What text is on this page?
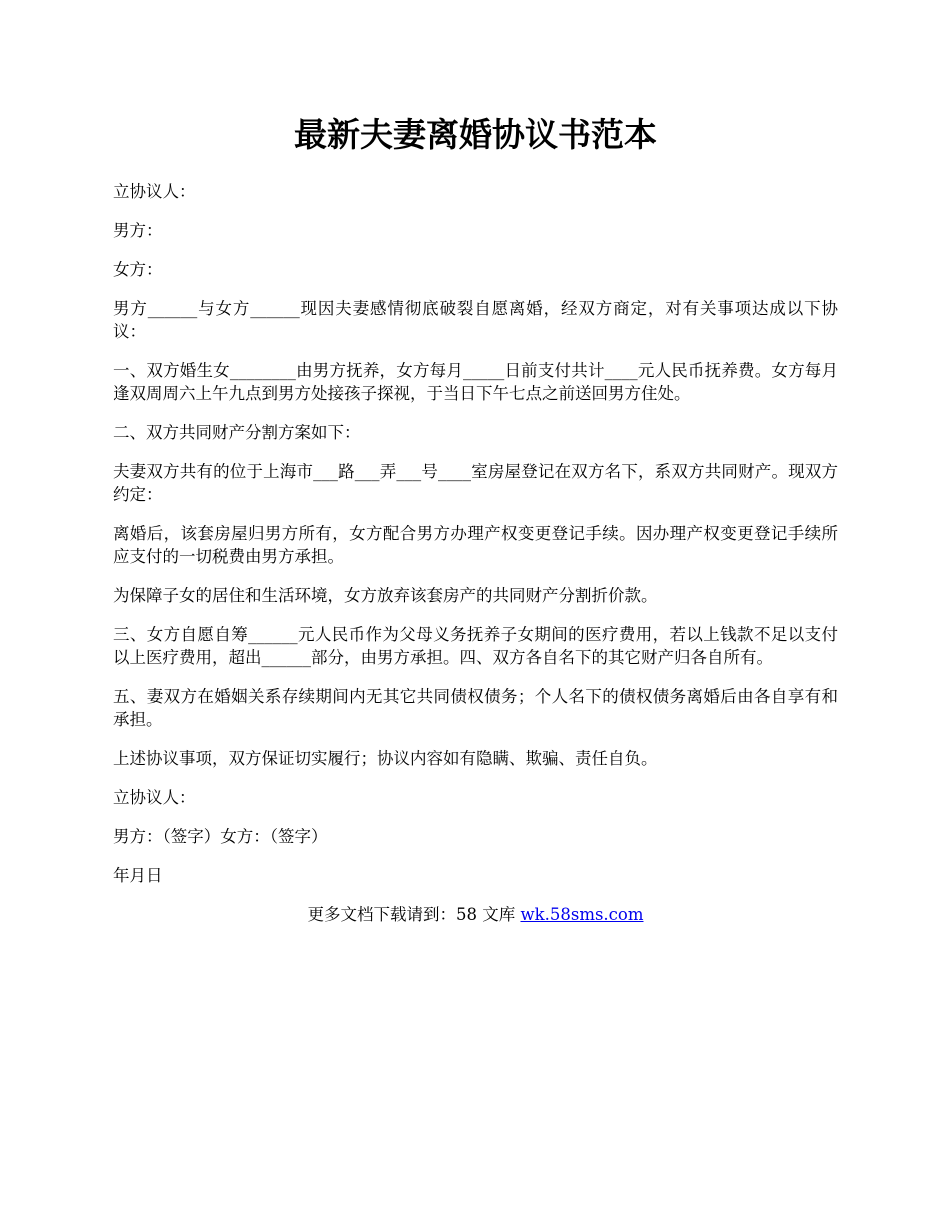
最新夫妻离婚协议书范本

立协议人：

男方：

女方：

男方______与女方______现因夫妻感情彻底破裂自愿离婚，经双方商定，对有关事项达成以下协议：

一、双方婚生女________由男方抚养，女方每月_____日前支付共计____元人民币抚养费。女方每月逢双周周六上午九点到男方处接孩子探视，于当日下午七点之前送回男方住处。

二、双方共同财产分割方案如下：

夫妻双方共有的位于上海市___路___弄___号____室房屋登记在双方名下，系双方共同财产。现双方约定：

离婚后，该套房屋归男方所有，女方配合男方办理产权变更登记手续。因办理产权变更登记手续所应支付的一切税费由男方承担。

为保障子女的居住和生活环境，女方放弃该套房产的共同财产分割折价款。

三、女方自愿自筹______元人民币作为父母义务抚养子女期间的医疗费用，若以上钱款不足以支付以上医疗费用，超出______部分，由男方承担。四、双方各自名下的其它财产归各自所有。

五、妻双方在婚姻关系存续期间内无其它共同债权债务；个人名下的债权债务离婚后由各自享有和承担。

上述协议事项，双方保证切实履行；协议内容如有隐瞒、欺骗、责任自负。

立协议人：

男方：（签字）女方：（签字）

年月日

更多文档下载请到：58 文库 wk.58sms.com
